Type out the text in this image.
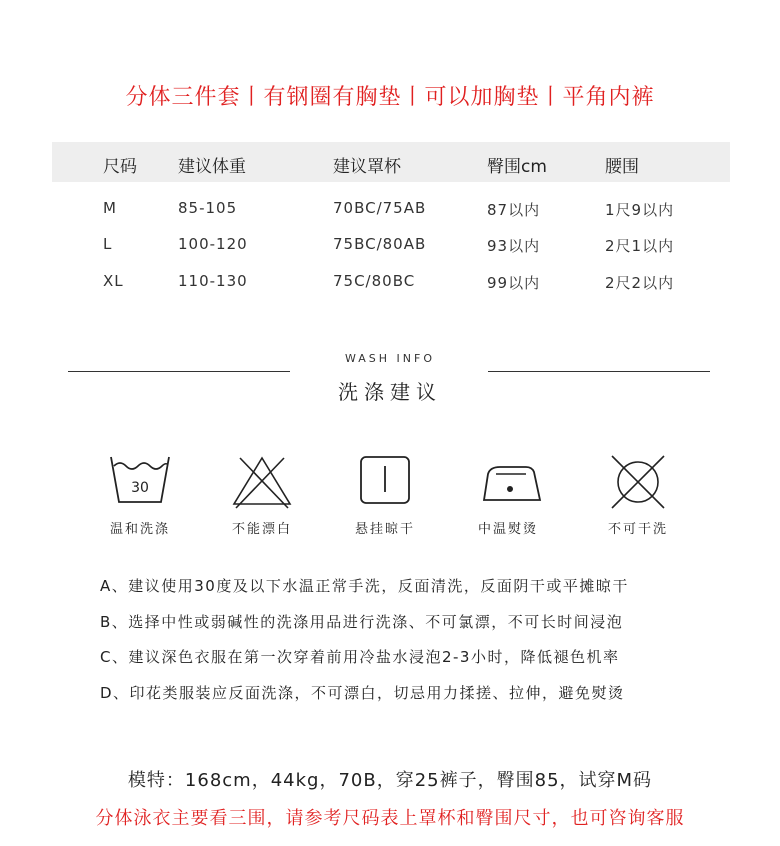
分体三件套丨有钢圈有胸垫丨可以加胸垫丨平角内裤
尺码 建议体重	建议罩杯	臀围cm	腰围
M	85-105	70BC/75AB	87以内	1尺9以内
L	100-120	75BC/80AB	93以内	2尺1以内
XL	110-130	75C/80BC	99以内	2尺2以内
WASH INFO
洗涤建议
30
温和洗涤	不能漂白	悬挂晾干	中温熨烫	不可干洗
A、建议使用30度及以下水温正常手洗，反面清洗，反面阴干或平摊晾干
B、选择中性或弱碱性的洗涤用品进行洗涤、不可氯漂，不可长时间浸泡
C、建议深色衣服在第一次穿着前用冷盐水浸泡2-3小时，降低褪色机率
D、印花类服装应反面洗涤，不可漂白，切忌用力揉搓、拉伸，避免熨烫
模特：168cm，44kg，70B，穿25裤子，臀围85，试穿M码
分体泳衣主要看三围，请参考尺码表上罩杯和臀围尺寸，也可咨询客服
